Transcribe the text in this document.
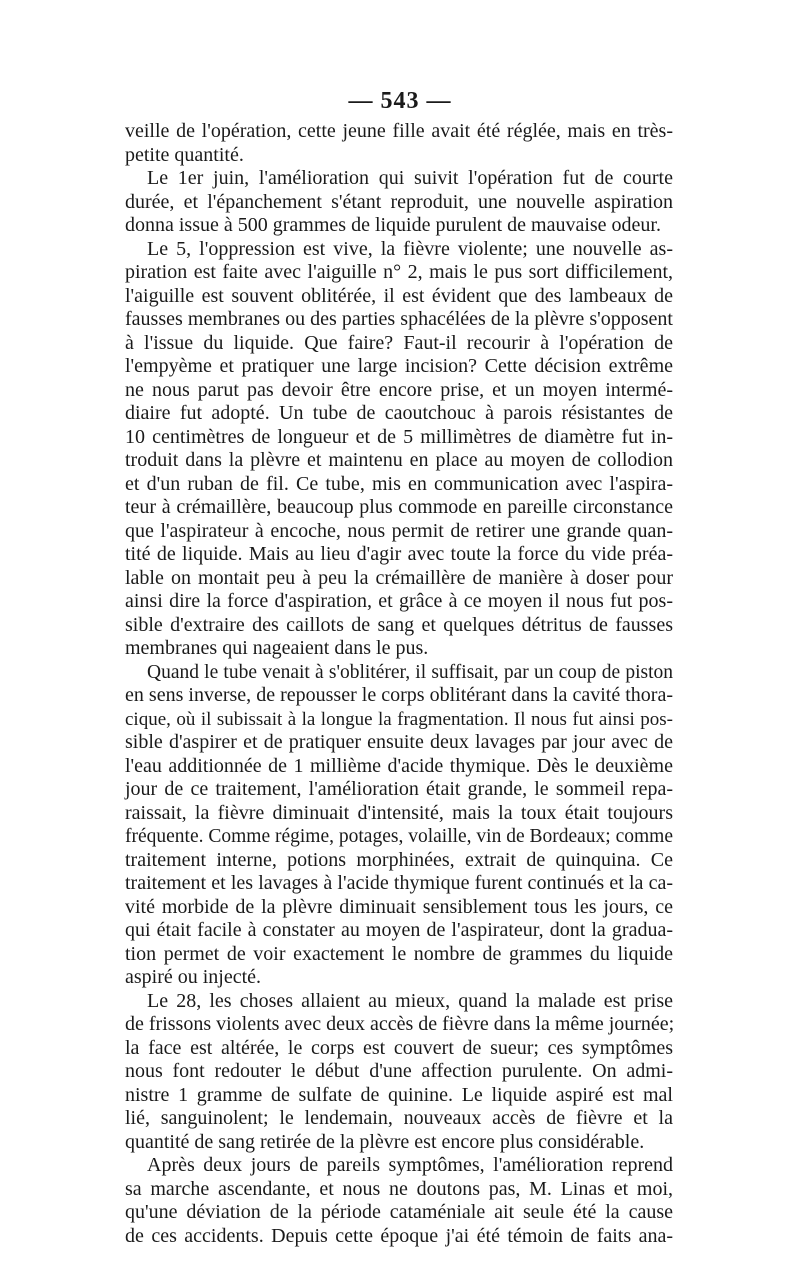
— 543 —
veille de l'opération, cette jeune fille avait été réglée, mais en très-
petite quantité.
Le 1er juin, l'amélioration qui suivit l'opération fut de courte
durée, et l'épanchement s'étant reproduit, une nouvelle aspiration
donna issue à 500 grammes de liquide purulent de mauvaise odeur.
Le 5, l'oppression est vive, la fièvre violente; une nouvelle as-
piration est faite avec l'aiguille n° 2, mais le pus sort difficilement,
l'aiguille est souvent oblitérée, il est évident que des lambeaux de
fausses membranes ou des parties sphacélées de la plèvre s'opposent
à l'issue du liquide. Que faire? Faut-il recourir à l'opération de
l'empyème et pratiquer une large incision? Cette décision extrême
ne nous parut pas devoir être encore prise, et un moyen intermé-
diaire fut adopté. Un tube de caoutchouc à parois résistantes de
10 centimètres de longueur et de 5 millimètres de diamètre fut in-
troduit dans la plèvre et maintenu en place au moyen de collodion
et d'un ruban de fil. Ce tube, mis en communication avec l'aspira-
teur à crémaillère, beaucoup plus commode en pareille circonstance
que l'aspirateur à encoche, nous permit de retirer une grande quan-
tité de liquide. Mais au lieu d'agir avec toute la force du vide préa-
lable on montait peu à peu la crémaillère de manière à doser pour
ainsi dire la force d'aspiration, et grâce à ce moyen il nous fut pos-
sible d'extraire des caillots de sang et quelques détritus de fausses
membranes qui nageaient dans le pus.
Quand le tube venait à s'oblitérer, il suffisait, par un coup de piston
en sens inverse, de repousser le corps oblitérant dans la cavité thora-
cique, où il subissait à la longue la fragmentation. Il nous fut ainsi pos-
sible d'aspirer et de pratiquer ensuite deux lavages par jour avec de
l'eau additionnée de 1 millième d'acide thymique. Dès le deuxième
jour de ce traitement, l'amélioration était grande, le sommeil repa-
raissait, la fièvre diminuait d'intensité, mais la toux était toujours
fréquente. Comme régime, potages, volaille, vin de Bordeaux; comme
traitement interne, potions morphinées, extrait de quinquina. Ce
traitement et les lavages à l'acide thymique furent continués et la ca-
vité morbide de la plèvre diminuait sensiblement tous les jours, ce
qui était facile à constater au moyen de l'aspirateur, dont la gradua-
tion permet de voir exactement le nombre de grammes du liquide
aspiré ou injecté.
Le 28, les choses allaient au mieux, quand la malade est prise
de frissons violents avec deux accès de fièvre dans la même journée;
la face est altérée, le corps est couvert de sueur; ces symptômes
nous font redouter le début d'une affection purulente. On admi-
nistre 1 gramme de sulfate de quinine. Le liquide aspiré est mal
lié, sanguinolent; le lendemain, nouveaux accès de fièvre et la
quantité de sang retirée de la plèvre est encore plus considérable.
Après deux jours de pareils symptômes, l'amélioration reprend
sa marche ascendante, et nous ne doutons pas, M. Linas et moi,
qu'une déviation de la période cataméniale ait seule été la cause
de ces accidents. Depuis cette époque j'ai été témoin de faits ana-
